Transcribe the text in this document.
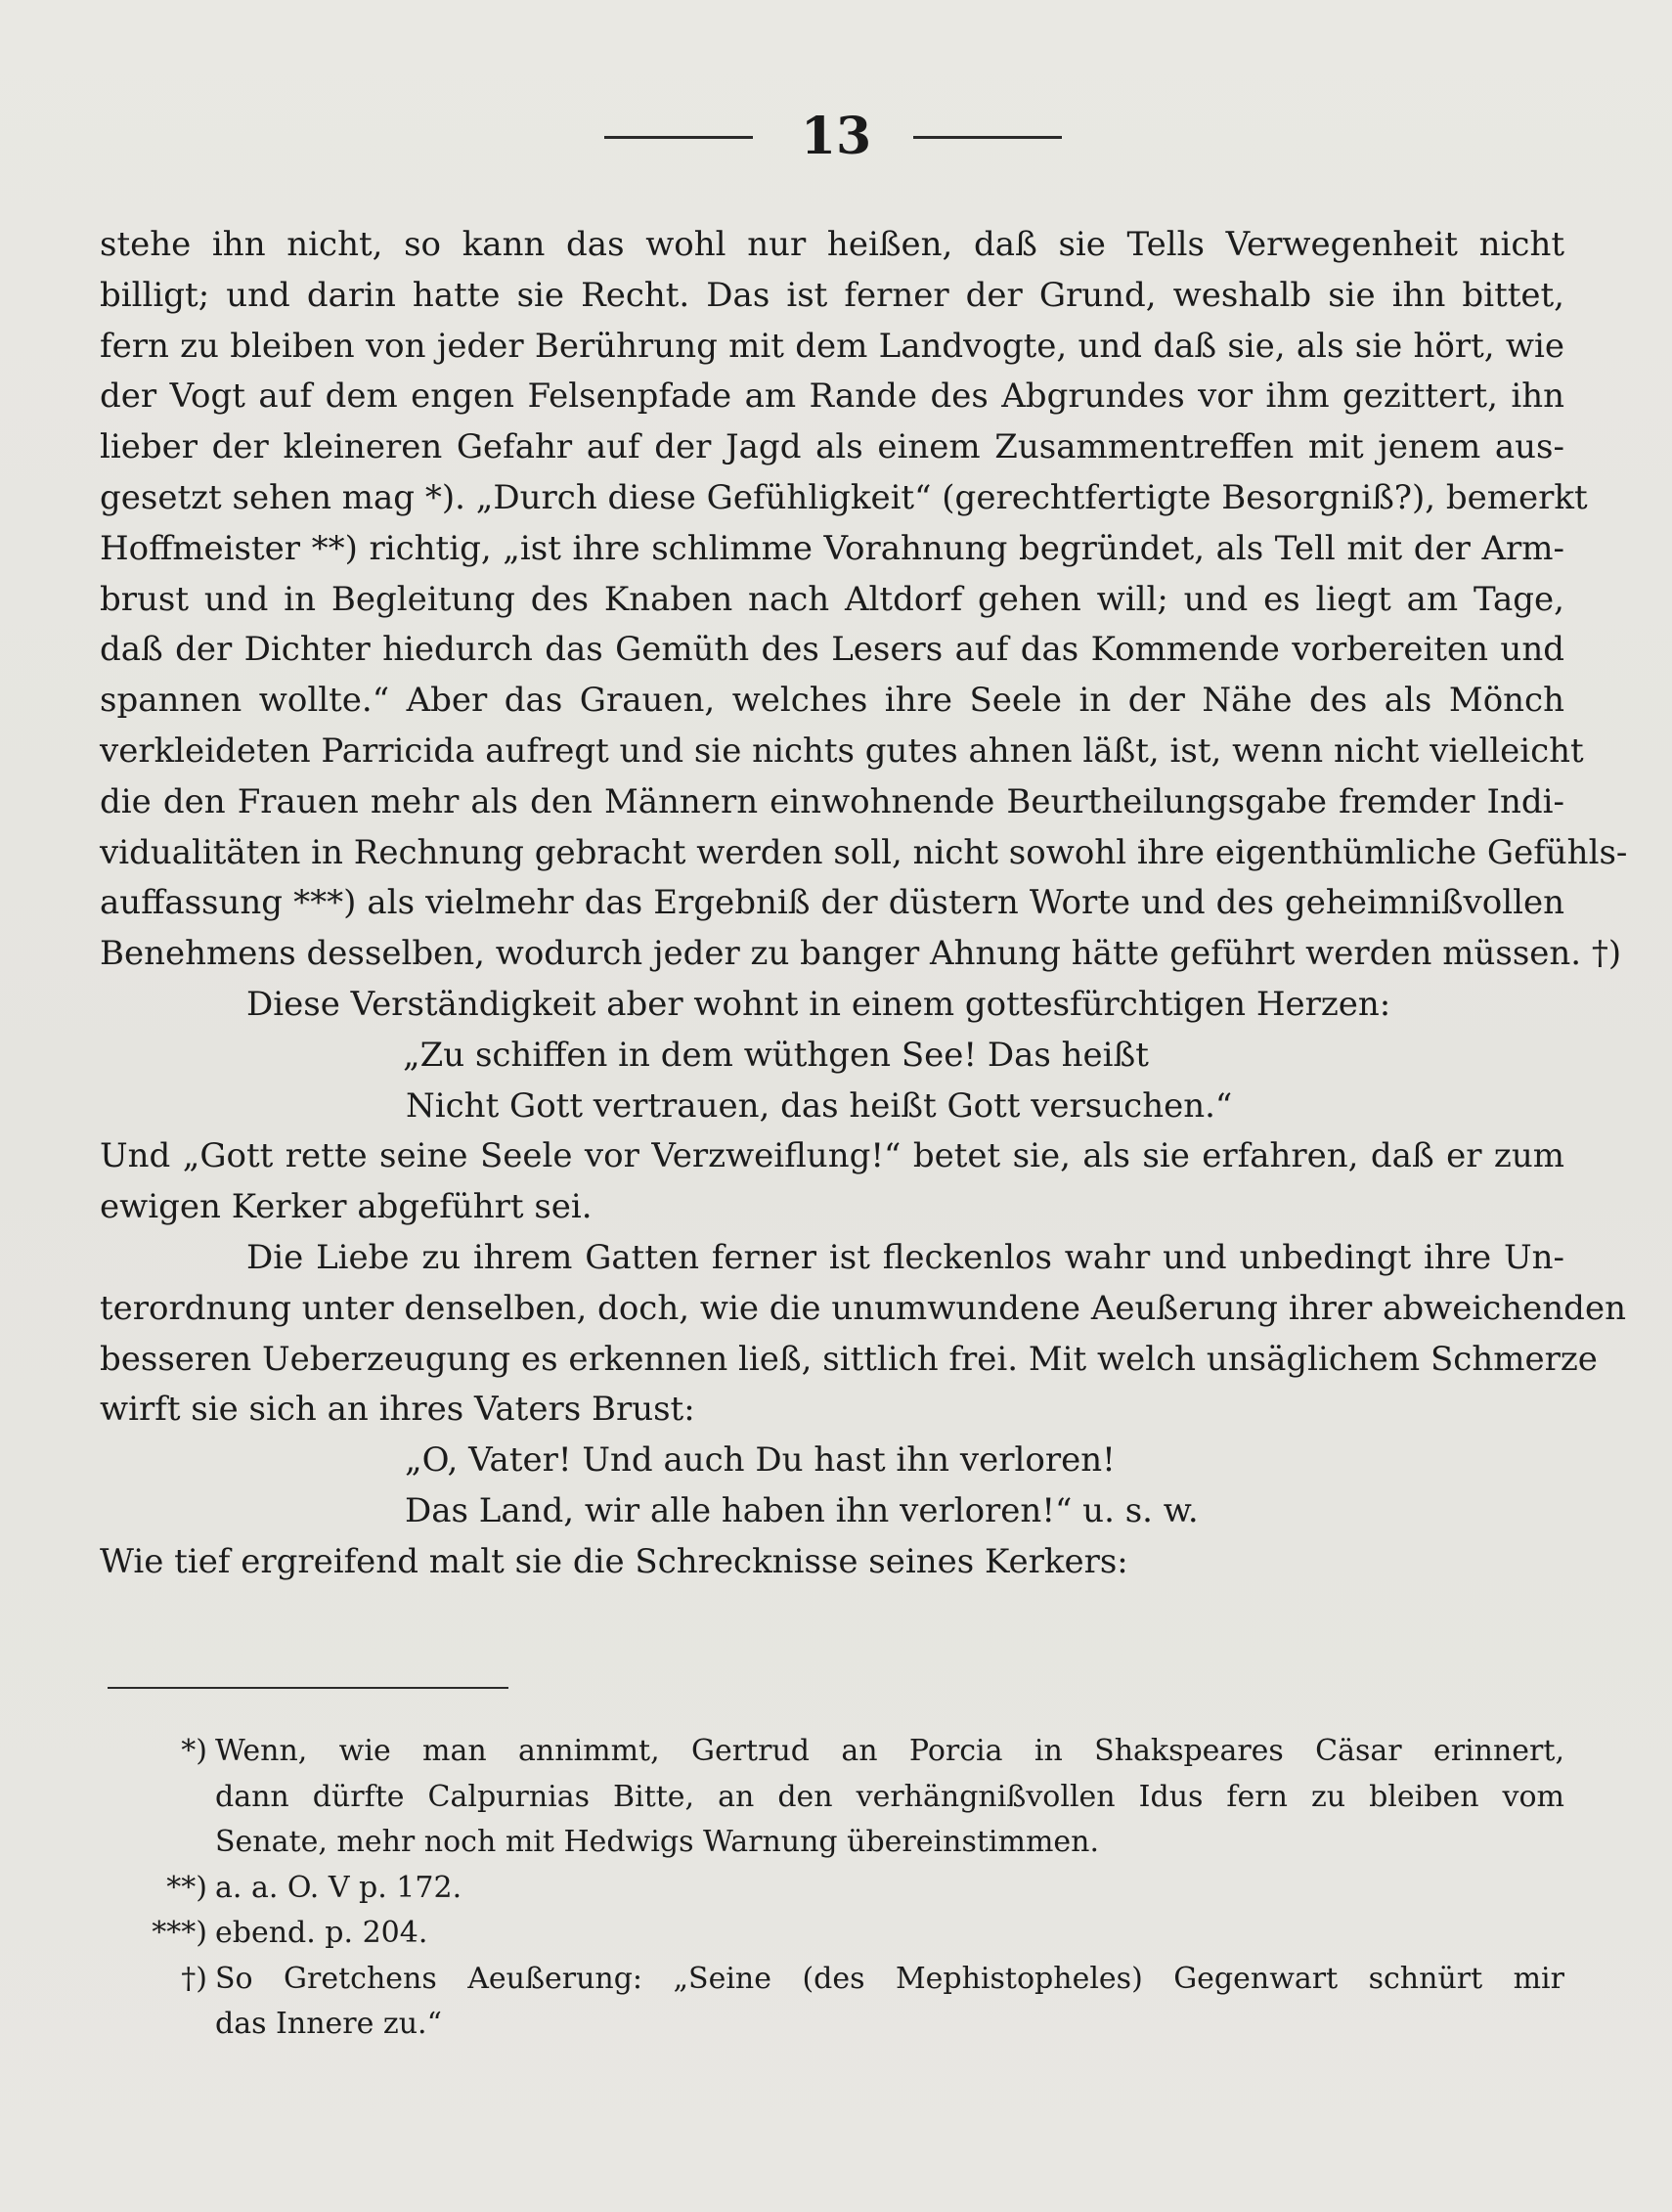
13
stehe ihn nicht, so kann das wohl nur heißen, daß sie Tells Verwegenheit nicht
billigt; und darin hatte sie Recht. Das ist ferner der Grund, weshalb sie ihn bittet,
fern zu bleiben von jeder Berührung mit dem Landvogte, und daß sie, als sie hört, wie
der Vogt auf dem engen Felsenpfade am Rande des Abgrundes vor ihm gezittert, ihn
lieber der kleineren Gefahr auf der Jagd als einem Zusammentreffen mit jenem aus-
gesetzt sehen mag *). „Durch diese Gefühligkeit“ (gerechtfertigte Besorgniß?), bemerkt
Hoffmeister **) richtig, „ist ihre schlimme Vorahnung begründet, als Tell mit der Arm-
brust und in Begleitung des Knaben nach Altdorf gehen will; und es liegt am Tage,
daß der Dichter hiedurch das Gemüth des Lesers auf das Kommende vorbereiten und
spannen wollte.“ Aber das Grauen, welches ihre Seele in der Nähe des als Mönch
verkleideten Parricida aufregt und sie nichts gutes ahnen läßt, ist, wenn nicht vielleicht
die den Frauen mehr als den Männern einwohnende Beurtheilungsgabe fremder Indi-
vidualitäten in Rechnung gebracht werden soll, nicht sowohl ihre eigenthümliche Gefühls-
auffassung ***) als vielmehr das Ergebniß der düstern Worte und des geheimnißvollen
Benehmens desselben, wodurch jeder zu banger Ahnung hätte geführt werden müssen. †)
Diese Verständigkeit aber wohnt in einem gottesfürchtigen Herzen:
„Zu schiffen in dem wüthgen See! Das heißt
Nicht Gott vertrauen, das heißt Gott versuchen.“
Und „Gott rette seine Seele vor Verzweiflung!“ betet sie, als sie erfahren, daß er zum
ewigen Kerker abgeführt sei.
Die Liebe zu ihrem Gatten ferner ist fleckenlos wahr und unbedingt ihre Un-
terordnung unter denselben, doch, wie die unumwundene Aeußerung ihrer abweichenden
besseren Ueberzeugung es erkennen ließ, sittlich frei. Mit welch unsäglichem Schmerze
wirft sie sich an ihres Vaters Brust:
„O, Vater! Und auch Du hast ihn verloren!
Das Land, wir alle haben ihn verloren!“ u. s. w.
Wie tief ergreifend malt sie die Schrecknisse seines Kerkers:
*) Wenn, wie man annimmt, Gertrud an Porcia in Shakspeares Cäsar erinnert,
dann dürfte Calpurnias Bitte, an den verhängnißvollen Idus fern zu bleiben vom
Senate, mehr noch mit Hedwigs Warnung übereinstimmen.
**) a. a. O. V p. 172.
***) ebend. p. 204.
†) So Gretchens Aeußerung: „Seine (des Mephistopheles) Gegenwart schnürt mir
das Innere zu.“
